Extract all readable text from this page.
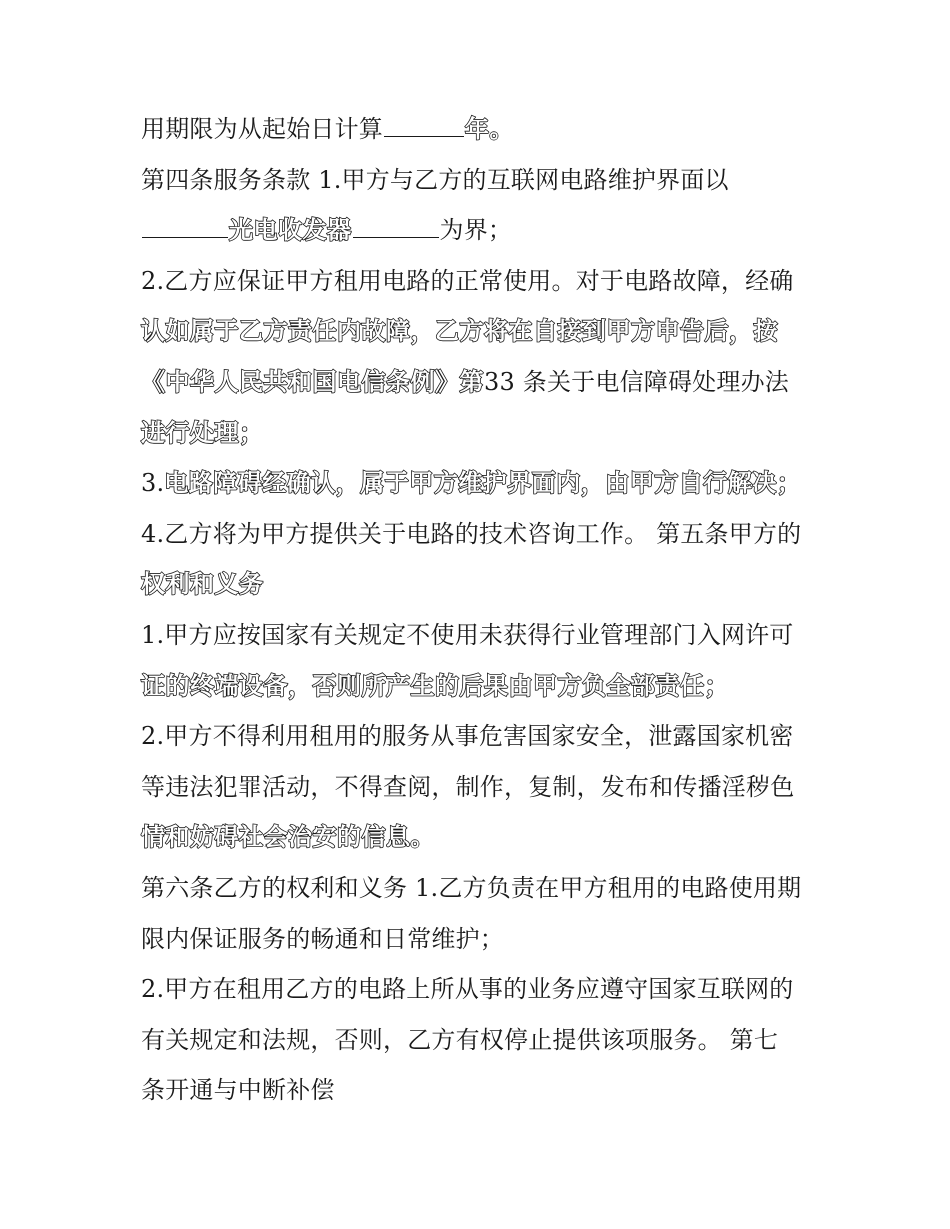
用期限为从起始日计算	年。
第四条服务条款 1.甲方与乙方的互联网电路维护界面以
光电收发器	为界；
2.乙方应保证甲方租用电路的正常使用。对于电路故障，经确
认如属于乙方责任内故障，乙方将在自接到甲方申告后，按
《中华人民共和国电信条例》第33 条关于电信障碍处理办法
进行处理；
3.电路障碍经确认，属于甲方维护界面内，由甲方自行解决；
4.乙方将为甲方提供关于电路的技术咨询工作。 第五条甲方的
权利和义务
1.甲方应按国家有关规定不使用未获得行业管理部门入网许可
证的终端设备，否则所产生的后果由甲方负全部责任；
2.甲方不得利用租用的服务从事危害国家安全，泄露国家机密
等违法犯罪活动，不得查阅，制作，复制，发布和传播淫秽色
情和妨碍社会治安的信息。
第六条乙方的权利和义务 1.乙方负责在甲方租用的电路使用期
限内保证服务的畅通和日常维护；
2.甲方在租用乙方的电路上所从事的业务应遵守国家互联网的
有关规定和法规，否则，乙方有权停止提供该项服务。 第七
条开通与中断补偿
